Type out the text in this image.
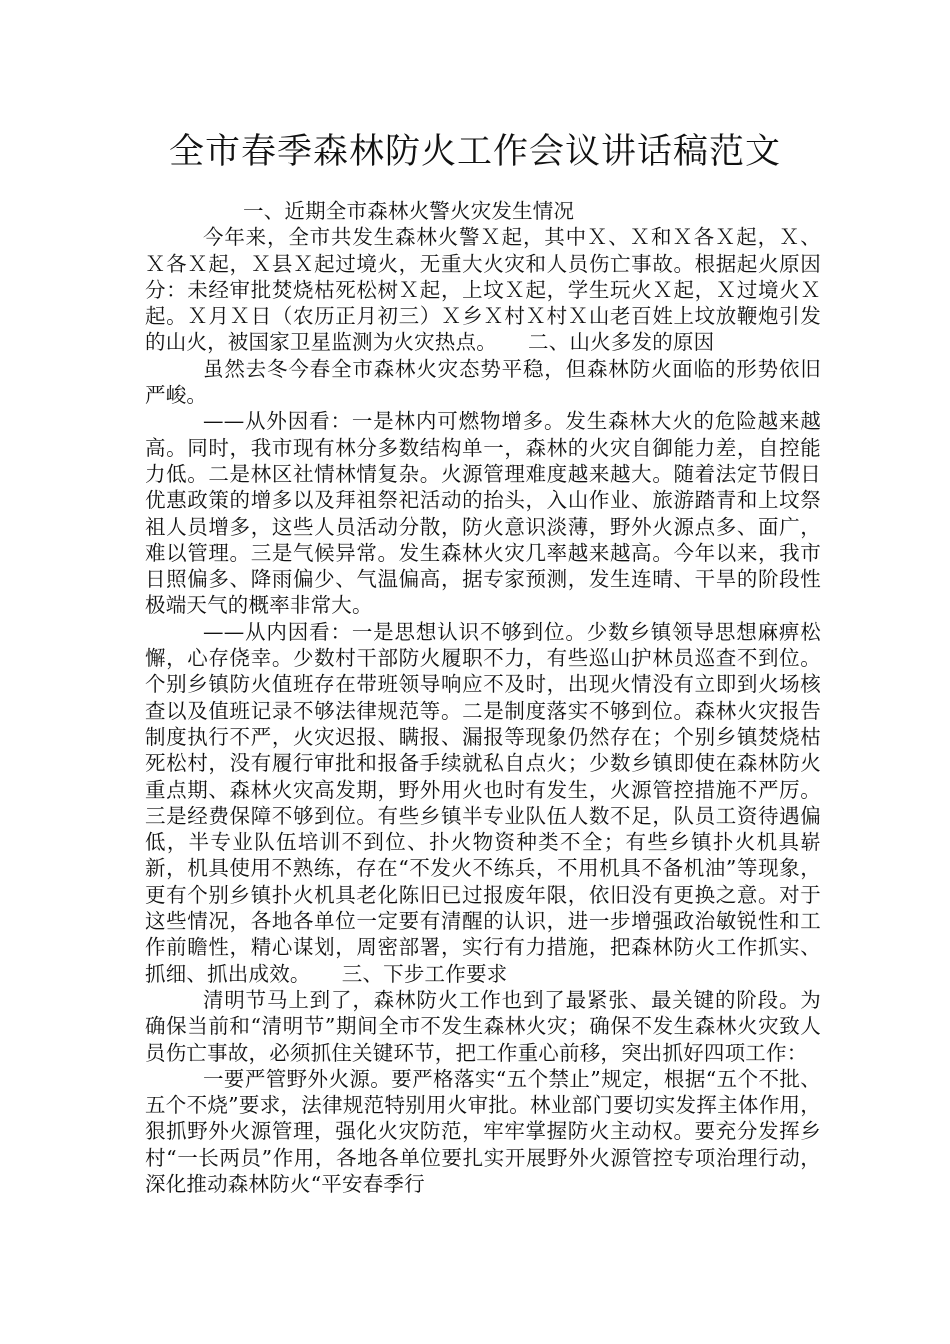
全市春季森林防火工作会议讲话稿范文

一、近期全市森林火警火灾发生情况

今年来，全市共发生森林火警Ｘ起，其中Ｘ、Ｘ和Ｘ各Ｘ起，Ｘ、Ｘ各Ｘ起，Ｘ县Ｘ起过境火，无重大火灾和人员伤亡事故。根据起火原因分：未经审批焚烧枯死松树Ｘ起，上坟Ｘ起，学生玩火Ｘ起，Ｘ过境火Ｘ起。Ｘ月Ｘ日（农历正月初三）Ｘ乡Ｘ村Ｘ村Ｘ山老百姓上坟放鞭炮引发的山火，被国家卫星监测为火灾热点。　　二、山火多发的原因

虽然去冬今春全市森林火灾态势平稳，但森林防火面临的形势依旧严峻。

——从外因看：一是林内可燃物增多。发生森林大火的危险越来越高。同时，我市现有林分多数结构单一，森林的火灾自御能力差，自控能力低。二是林区社情林情复杂。火源管理难度越来越大。随着法定节假日优惠政策的增多以及拜祖祭祀活动的抬头，入山作业、旅游踏青和上坟祭祖人员增多，这些人员活动分散，防火意识淡薄，野外火源点多、面广，难以管理。三是气候异常。发生森林火灾几率越来越高。今年以来，我市日照偏多、降雨偏少、气温偏高，据专家预测，发生连晴、干旱的阶段性极端天气的概率非常大。

——从内因看：一是思想认识不够到位。少数乡镇领导思想麻痹松懈，心存侥幸。少数村干部防火履职不力，有些巡山护林员巡查不到位。个别乡镇防火值班存在带班领导响应不及时，出现火情没有立即到火场核查以及值班记录不够法律规范等。二是制度落实不够到位。森林火灾报告制度执行不严，火灾迟报、瞒报、漏报等现象仍然存在；个别乡镇焚烧枯死松村，没有履行审批和报备手续就私自点火；少数乡镇即使在森林防火重点期、森林火灾高发期，野外用火也时有发生，火源管控措施不严厉。三是经费保障不够到位。有些乡镇半专业队伍人数不足，队员工资待遇偏低，半专业队伍培训不到位、扑火物资种类不全；有些乡镇扑火机具崭新，机具使用不熟练，存在“不发火不练兵，不用机具不备机油”等现象，更有个别乡镇扑火机具老化陈旧已过报废年限，依旧没有更换之意。对于这些情况，各地各单位一定要有清醒的认识，进一步增强政治敏锐性和工作前瞻性，精心谋划，周密部署，实行有力措施，把森林防火工作抓实、抓细、抓出成效。　　三、下步工作要求

清明节马上到了，森林防火工作也到了最紧张、最关键的阶段。为确保当前和“清明节”期间全市不发生森林火灾；确保不发生森林火灾致人员伤亡事故，必须抓住关键环节，把工作重心前移，突出抓好四项工作：

一要严管野外火源。要严格落实“五个禁止”规定，根据“五个不批、五个不烧”要求，法律规范特别用火审批。林业部门要切实发挥主体作用，狠抓野外火源管理，强化火灾防范，牢牢掌握防火主动权。要充分发挥乡村“一长两员”作用，各地各单位要扎实开展野外火源管控专项治理行动，深化推动森林防火“平安春季行
